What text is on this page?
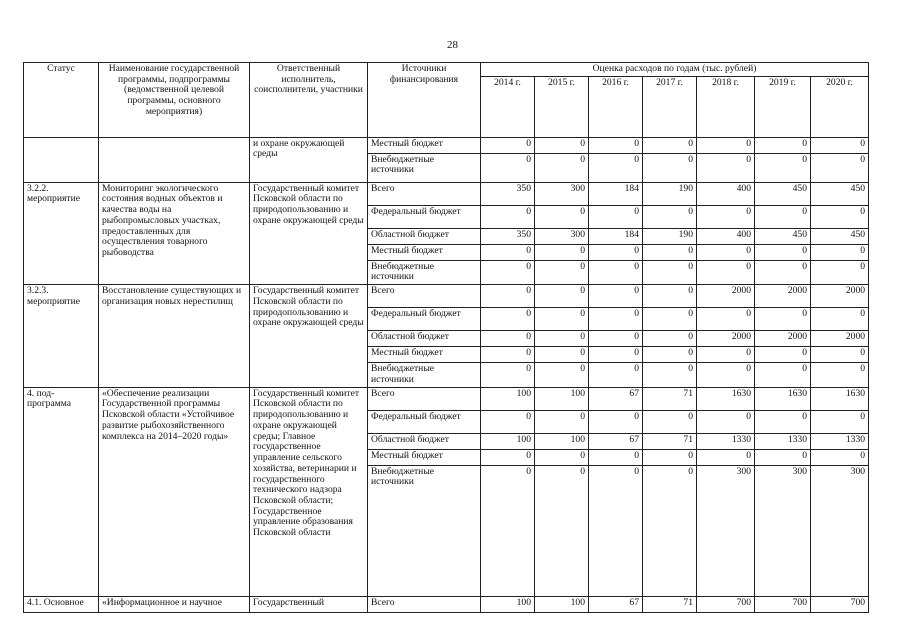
28
Статус	Наименование государственной программы, подпрограммы (ведомственной целевой программы, основного мероприятия)	Ответственный исполнитель, соисполнители, участники	Источники финансирования	Оценка расходов по годам (тыс. рублей)						
				2014 г.	2015 г.	2016 г.	2017 г.	2018 г.	2019 г.	2020 г.
		и охране окружающей среды	Местный бюджет	0	0	0	0	0	0	0
			Внебюджетные источники	0	0	0	0	0	0	0
3.2.2. мероприятие	Мониторинг экологического состояния водных объектов и качества воды на рыбопромысловых участках, предоставленных для осуществления товарного рыбоводства	Государственный комитет Псковской области по природопользованию и охране окружающей среды	Всего	350	300	184	190	400	450	450
			Федеральный бюджет	0	0	0	0	0	0	0
			Областной бюджет	350	300	184	190	400	450	450
			Местный бюджет	0	0	0	0	0	0	0
			Внебюджетные источники	0	0	0	0	0	0	0
3.2.3. мероприятие	Восстановление существующих и организация новых нерестилищ	Государственный комитет Псковской области по природопользованию и охране окружающей среды	Всего	0	0	0	0	2000	2000	2000
			Федеральный бюджет	0	0	0	0	0	0	0
			Областной бюджет	0	0	0	0	2000	2000	2000
			Местный бюджет	0	0	0	0	0	0	0
			Внебюджетные источники	0	0	0	0	0	0	0
4. под-программа	«Обеспечение реализации Государственной программы Псковской области «Устойчивое развитие рыбохозяйственного комплекса на 2014–2020 годы»	Государственный комитет Псковской области по природопользованию и охране окружающей среды; Главное государственное управление сельского хозяйства, ветеринарии и государственного технического надзора Псковской области; Государственное управление образования Псковской области	Всего	100	100	67	71	1630	1630	1630
			Федеральный бюджет	0	0	0	0	0	0	0
			Областной бюджет	100	100	67	71	1330	1330	1330
			Местный бюджет	0	0	0	0	0	0	0
			Внебюджетные источники	0	0	0	0	300	300	300
4.1. Основное	«Информационное и научное	Государственный	Всего	100	100	67	71	700	700	700
